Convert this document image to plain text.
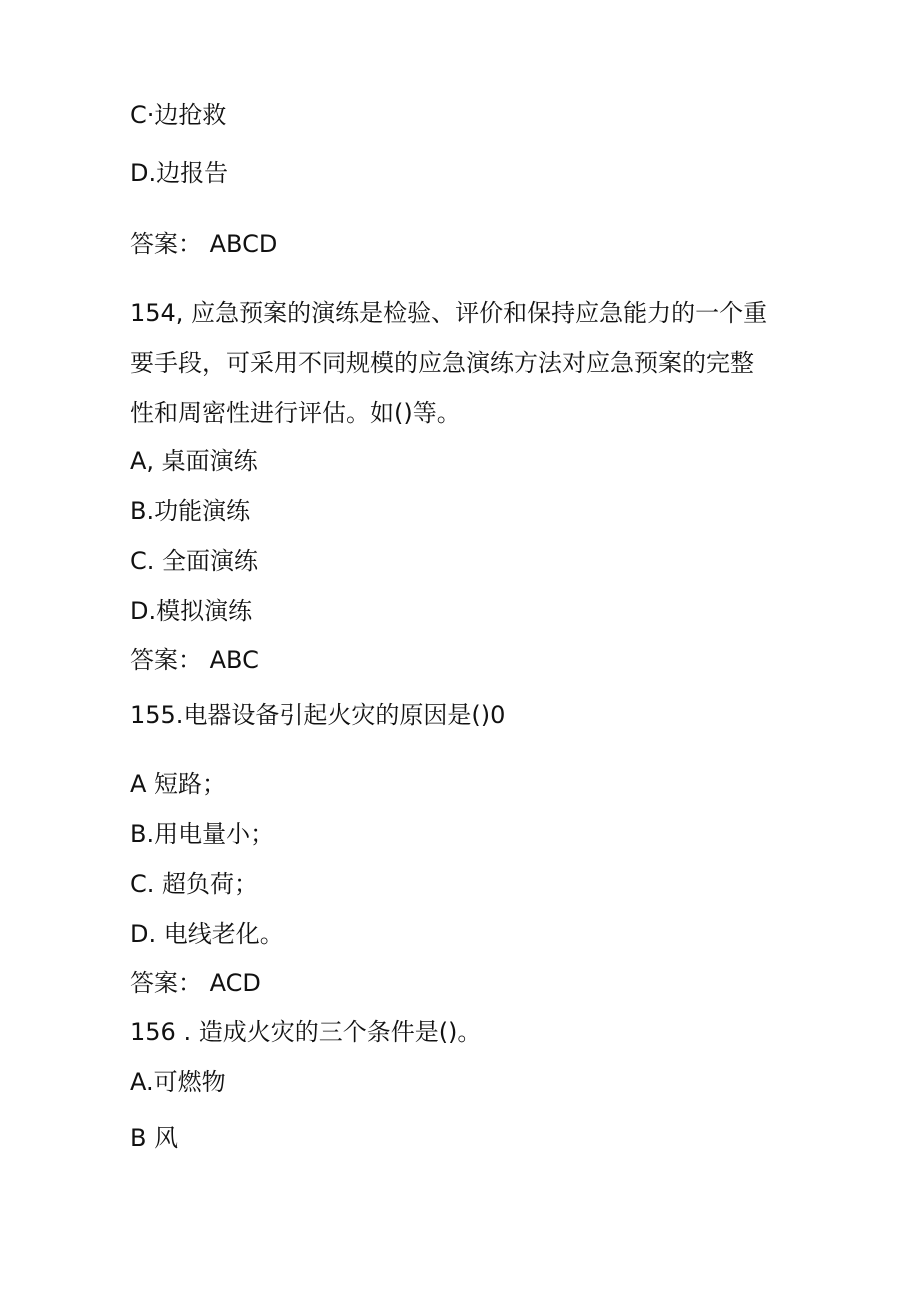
C·边抢救
D.边报告
答案： ABCD
154, 应急预案的演练是检验、评价和保持应急能力的一个重
要手段，可采用不同规模的应急演练方法对应急预案的完整
性和周密性进行评估。如()等。
A, 桌面演练
B.功能演练
C. 全面演练
D.模拟演练
答案： ABC
155.电器设备引起火灾的原因是()0
A 短路；
B.用电量小；
C. 超负荷；
D. 电线老化。
答案： ACD
156 . 造成火灾的三个条件是()。
A.可燃物
B 风
